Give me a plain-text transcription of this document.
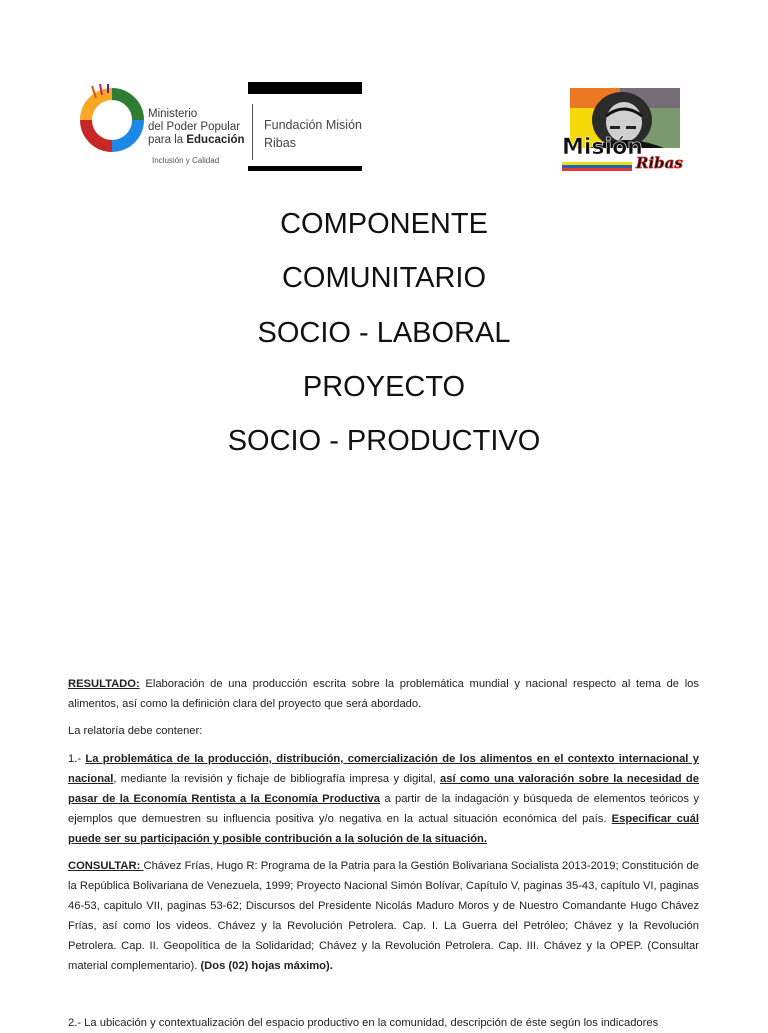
Ministerio
del Poder Popular
para la Educación
Inclusión y Calidad
Fundación Misión
Ribas	Misión
Ribas
COMPONENTE
COMUNITARIO
SOCIO - LABORAL
PROYECTO
SOCIO - PRODUCTIVO
RESULTADO: Elaboración de una producción escrita sobre la problemática mundial y nacional respecto al tema de los alimentos, así como la definición clara del proyecto que será abordado.
La relatoría debe contener:
1.- La problemática de la producción, distribución, comercialización de los alimentos en el contexto internacional y nacional, mediante la revisión y fichaje de bibliografía impresa y digital, así como una valoración sobre la necesidad de pasar de la Economía Rentista a la Economía Productiva a partir de la indagación y búsqueda de elementos teóricos y ejemplos que demuestren su influencia positiva y/o negativa en la actual situación económica del país. Especificar cuál puede ser su participación y posible contribución a la solución de la situación.
CONSULTAR: Chávez Frías, Hugo R: Programa de la Patria para la Gestión Bolivariana Socialista 2013-2019; Constitución de la República Bolivariana de Venezuela, 1999; Proyecto Nacional Simón Bolívar, Capítulo V, paginas 35-43, capítulo VI, paginas 46-53, capitulo VII, paginas 53-62; Discursos del Presidente Nicolás Maduro Moros y de Nuestro Comandante Hugo Chávez Frías, así como los videos. Chávez y la Revolución Petrolera. Cap. I. La Guerra del Petróleo; Chávez y la Revolución Petrolera. Cap. II. Geopolítica de la Solidaridad; Chávez y la Revolución Petrolera. Cap. III. Chávez y la OPEP. (Consultar material complementario). (Dos (02) hojas máximo).
2.- La ubicación y contextualización del espacio productivo en la comunidad, descripción de éste según los indicadores
